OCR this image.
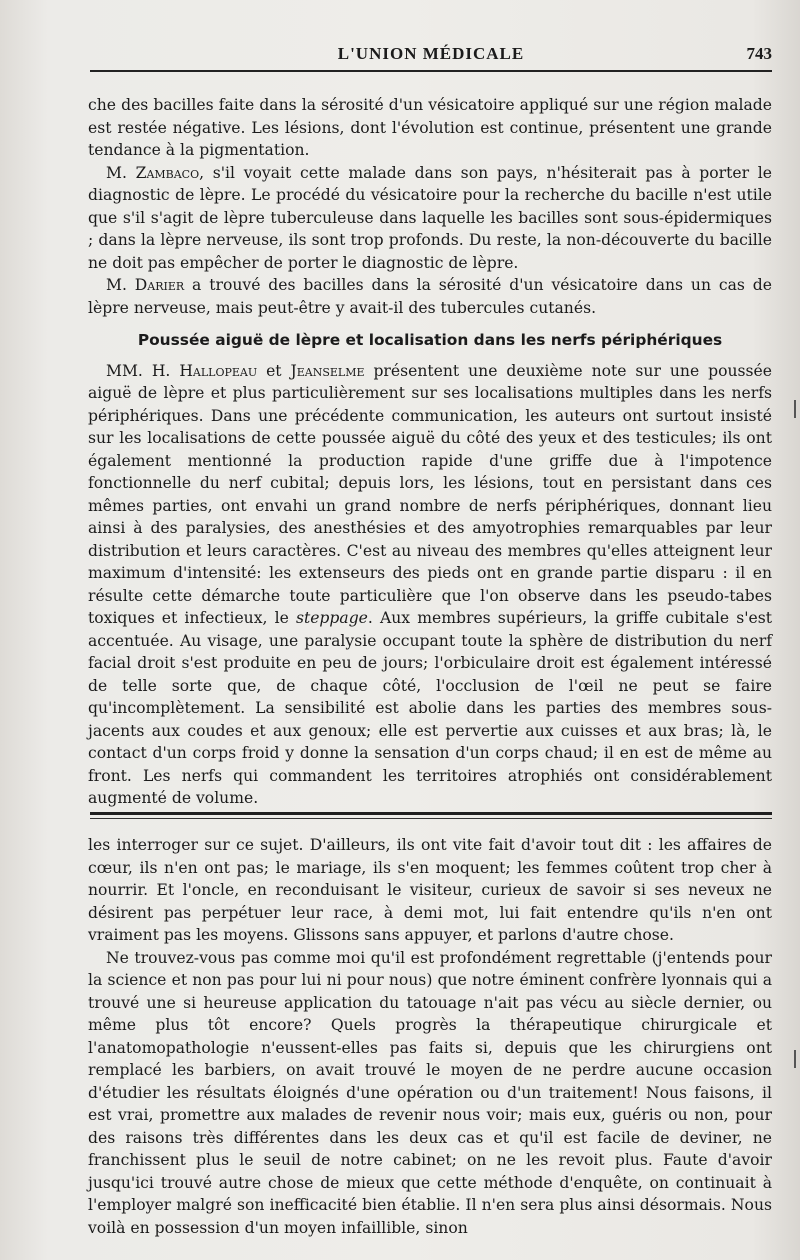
L'UNION MÉDICALE	743

che des bacilles faite dans la sérosité d'un vésicatoire appliqué sur une région malade est restée négative. Les lésions, dont l'évolution est continue, présentent une grande tendance à la pigmentation.

M. Zambaco, s'il voyait cette malade dans son pays, n'hésiterait pas à porter le diagnostic de lèpre. Le procédé du vésicatoire pour la recherche du bacille n'est utile que s'il s'agit de lèpre tuberculeuse dans laquelle les bacilles sont sous-épidermiques ; dans la lèpre nerveuse, ils sont trop profonds. Du reste, la non-découverte du bacille ne doit pas empêcher de porter le diagnostic de lèpre.

M. Darier a trouvé des bacilles dans la sérosité d'un vésicatoire dans un cas de lèpre nerveuse, mais peut-être y avait-il des tubercules cutanés.

Poussée aiguë de lèpre et localisation dans les nerfs périphériques

MM. H. Hallopeau et Jeanselme présentent une deuxième note sur une poussée aiguë de lèpre et plus particulièrement sur ses localisations multiples dans les nerfs périphériques. Dans une précédente communication, les auteurs ont surtout insisté sur les localisations de cette poussée aiguë du côté des yeux et des testicules; ils ont également mentionné la production rapide d'une griffe due à l'impotence fonctionnelle du nerf cubital; depuis lors, les lésions, tout en persistant dans ces mêmes parties, ont envahi un grand nombre de nerfs périphériques, donnant lieu ainsi à des paralysies, des anesthésies et des amyotrophies remarquables par leur distribution et leurs caractères. C'est au niveau des membres qu'elles atteignent leur maximum d'intensité: les extenseurs des pieds ont en grande partie disparu : il en résulte cette démarche toute particulière que l'on observe dans les pseudo-tabes toxiques et infectieux, le steppage. Aux membres supérieurs, la griffe cubitale s'est accentuée. Au visage, une paralysie occupant toute la sphère de distribution du nerf facial droit s'est produite en peu de jours; l'orbiculaire droit est également intéressé de telle sorte que, de chaque côté, l'occlusion de l'œil ne peut se faire qu'incomplètement. La sensibilité est abolie dans les parties des membres sous-jacents aux coudes et aux genoux; elle est pervertie aux cuisses et aux bras; là, le contact d'un corps froid y donne la sensation d'un corps chaud; il en est de même au front. Les nerfs qui commandent les territoires atrophiés ont considérablement augmenté de volume.

les interroger sur ce sujet. D'ailleurs, ils ont vite fait d'avoir tout dit : les affaires de cœur, ils n'en ont pas; le mariage, ils s'en moquent; les femmes coûtent trop cher à nourrir. Et l'oncle, en reconduisant le visiteur, curieux de savoir si ses neveux ne désirent pas perpétuer leur race, à demi mot, lui fait entendre qu'ils n'en ont vraiment pas les moyens. Glissons sans appuyer, et parlons d'autre chose.

Ne trouvez-vous pas comme moi qu'il est profondément regrettable (j'entends pour la science et non pas pour lui ni pour nous) que notre éminent confrère lyonnais qui a trouvé une si heureuse application du tatouage n'ait pas vécu au siècle dernier, ou même plus tôt encore? Quels progrès la thérapeutique chirurgicale et l'anatomopathologie n'eussent-elles pas faits si, depuis que les chirurgiens ont remplacé les barbiers, on avait trouvé le moyen de ne perdre aucune occasion d'étudier les résultats éloignés d'une opération ou d'un traitement! Nous faisons, il est vrai, promettre aux malades de revenir nous voir; mais eux, guéris ou non, pour des raisons très différentes dans les deux cas et qu'il est facile de deviner, ne franchissent plus le seuil de notre cabinet; on ne les revoit plus. Faute d'avoir jusqu'ici trouvé autre chose de mieux que cette méthode d'enquête, on continuait à l'employer malgré son inefficacité bien établie. Il n'en sera plus ainsi désormais. Nous voilà en possession d'un moyen infaillible, sinon
